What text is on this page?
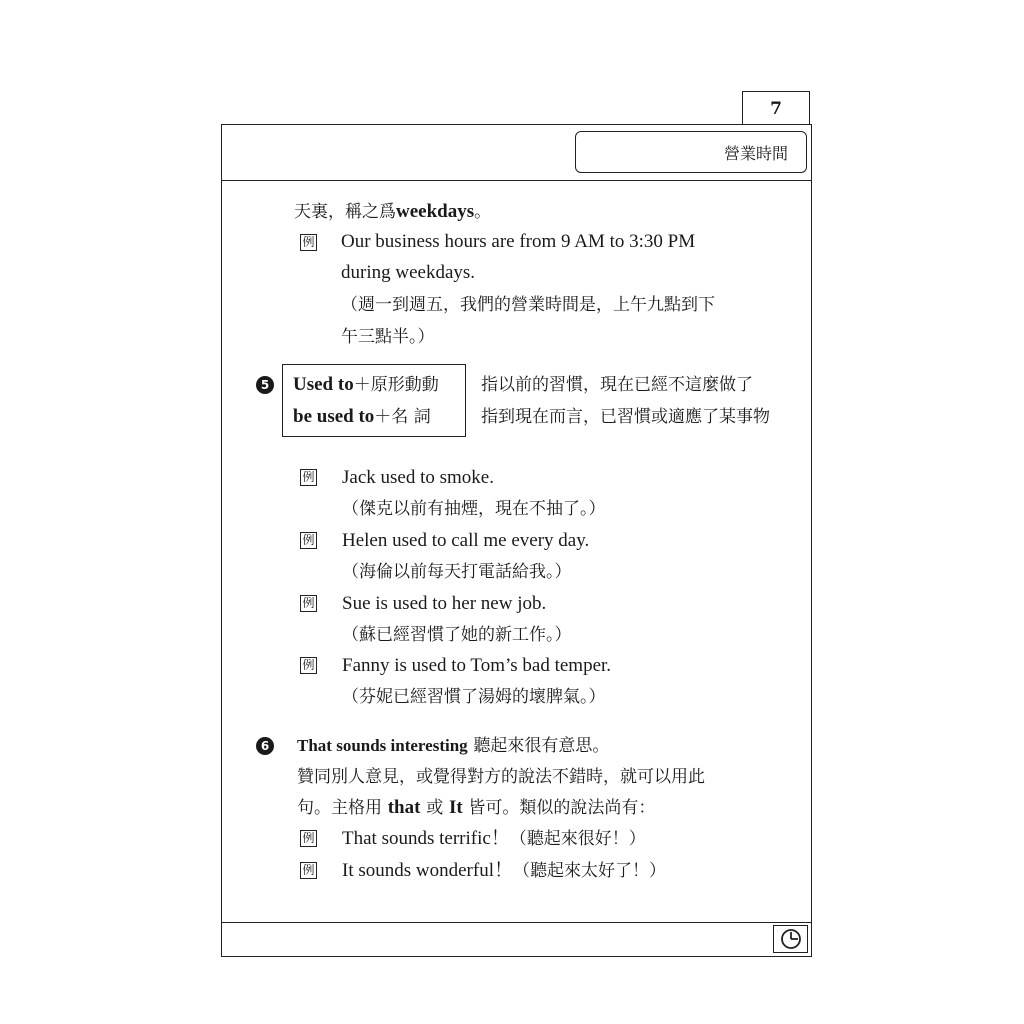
7
營業時間
天裏，稱之爲weekdays。
例 Our business hours are from 9 AM to 3:30 PM
during weekdays.
（週一到週五，我們的營業時間是，上午九點到下
午三點半。）
5 Used to＋原形動動
be used to＋名 詞
指以前的習慣，現在已經不這麼做了
指到現在而言，已習慣或適應了某事物
例 Jack used to smoke.
（傑克以前有抽煙，現在不抽了。）
例 Helen used to call me every day.
（海倫以前每天打電話給我。）
例 Sue is used to her new job.
（蘇已經習慣了她的新工作。）
例 Fanny is used to Tom’s bad temper.
（芬妮已經習慣了湯姆的壞脾氣。）
6 That sounds interesting 聽起來很有意思。
贊同別人意見，或覺得對方的說法不錯時，就可以用此
句。主格用 that 或 It 皆可。類似的說法尚有：
例 That sounds terrific！（聽起來很好！）
例 It sounds wonderful！（聽起來太好了！）
